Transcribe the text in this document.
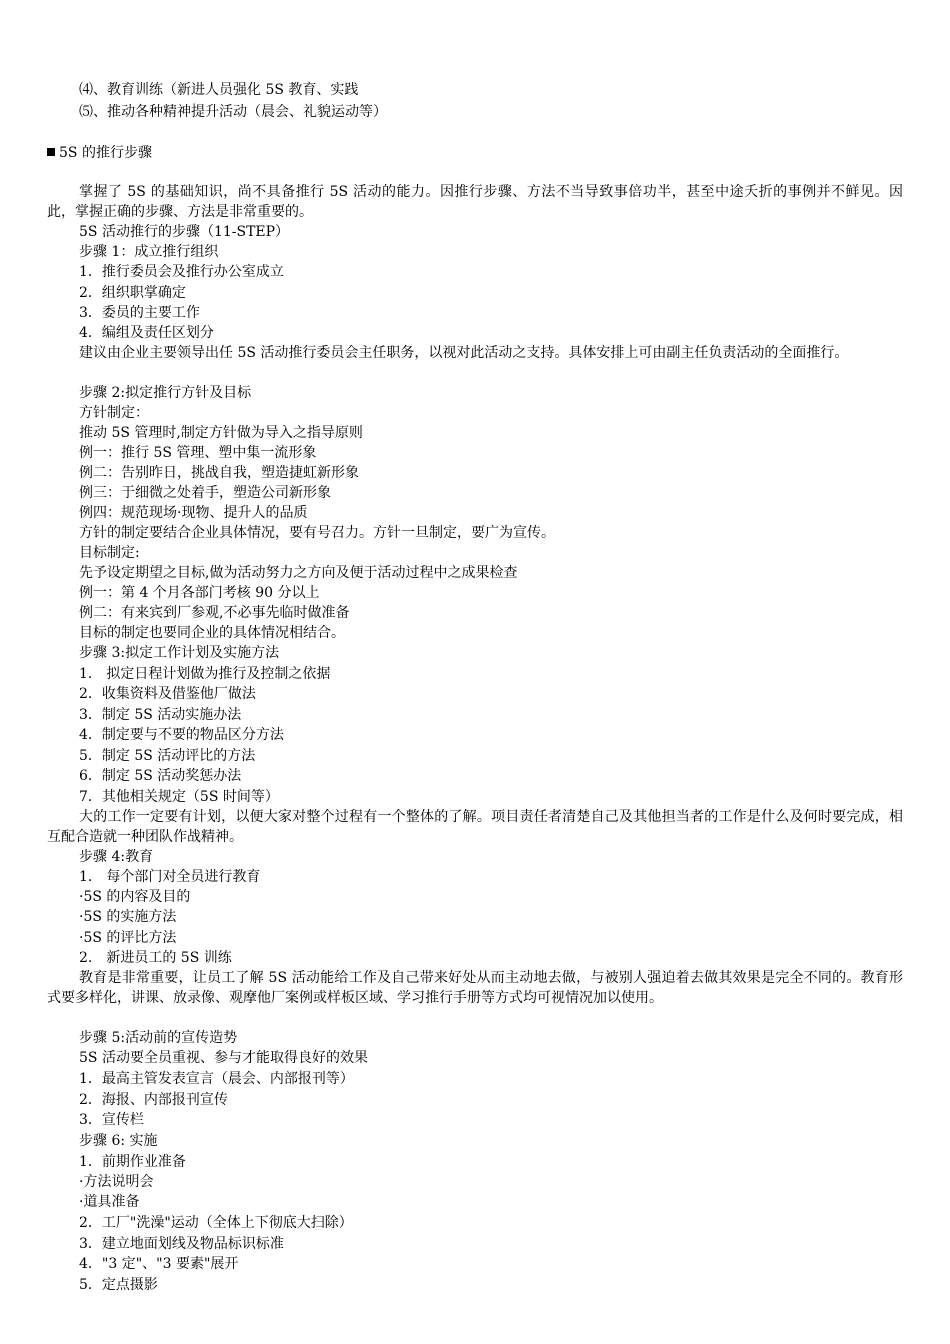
⑷、教育训练（新进人员强化 5S 教育、实践
⑸、推动各种精神提升活动（晨会、礼貌运动等）
5S 的推行步骤
掌握了 5S 的基础知识，尚不具备推行 5S 活动的能力。因推行步骤、方法不当导致事倍功半，甚至中途夭折的事例并不鲜见。因此，掌握正确的步骤、方法是非常重要的。
5S 活动推行的步骤（11-STEP）
步骤 1：成立推行组织
1．推行委员会及推行办公室成立
2．组织职掌确定
3．委员的主要工作
4．编组及责任区划分
建议由企业主要领导出任 5S 活动推行委员会主任职务，以视对此活动之支持。具体安排上可由副主任负责活动的全面推行。
步骤 2:拟定推行方针及目标
方针制定：
推动 5S 管理时,制定方针做为导入之指导原则
例一：推行 5S 管理、塑中集一流形象
例二：告别昨日，挑战自我，塑造捷虹新形象
例三：于细微之处着手，塑造公司新形象
例四：规范现场·现物、提升人的品质
方针的制定要结合企业具体情况，要有号召力。方针一旦制定，要广为宣传。
目标制定:
先予设定期望之目标,做为活动努力之方向及便于活动过程中之成果检查
例一：第 4 个月各部门考核 90 分以上
例二：有来宾到厂参观,不必事先临时做准备
目标的制定也要同企业的具体情况相结合。
步骤 3:拟定工作计划及实施方法
1.　拟定日程计划做为推行及控制之依据
2．收集资料及借鉴他厂做法
3．制定 5S 活动实施办法
4．制定要与不要的物品区分方法
5．制定 5S 活动评比的方法
6．制定 5S 活动奖惩办法
7．其他相关规定（5S 时间等）
大的工作一定要有计划，以便大家对整个过程有一个整体的了解。项目责任者清楚自己及其他担当者的工作是什么及何时要完成，相互配合造就一种团队作战精神。
步骤 4:教育
1.　每个部门对全员进行教育
·5S 的内容及目的
·5S 的实施方法
·5S 的评比方法
2.　新进员工的 5S 训练
教育是非常重要，让员工了解 5S 活动能给工作及自己带来好处从而主动地去做，与被别人强迫着去做其效果是完全不同的。教育形式要多样化，讲课、放录像、观摩他厂案例或样板区域、学习推行手册等方式均可视情况加以使用。
步骤 5:活动前的宣传造势
5S 活动要全员重视、参与才能取得良好的效果
1．最高主管发表宣言（晨会、内部报刊等）
2．海报、内部报刊宣传
3．宣传栏
步骤 6: 实施
1．前期作业准备
·方法说明会
·道具准备
2．工厂"洗澡"运动（全体上下彻底大扫除）
3．建立地面划线及物品标识标准
4．"3 定"、"3 要素"展开
5．定点摄影
